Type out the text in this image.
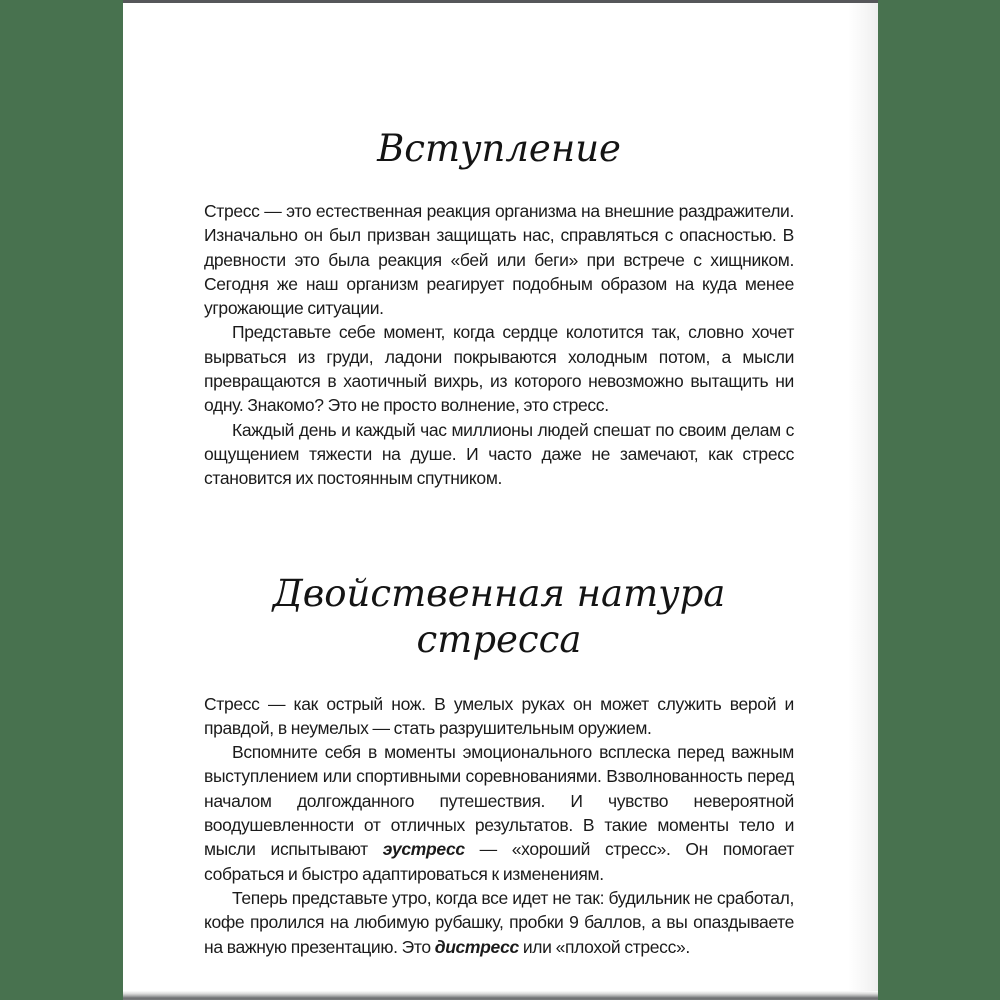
Вступление

Стресс — это естественная реакция организма на внешние раздражители. Изначально он был призван защищать нас, справляться с опасностью. В древности это была реакция «бей или беги» при встрече с хищником. Сегодня же наш организм реагирует подобным образом на куда менее угрожающие ситуации.

Представьте себе момент, когда сердце колотится так, словно хочет вырваться из груди, ладони покрываются холодным потом, а мысли превращаются в хаотичный вихрь, из которого невозможно вытащить ни одну. Знакомо? Это не просто волнение, это стресс.

Каждый день и каждый час миллионы людей спешат по своим делам с ощущением тяжести на душе. И часто даже не замечают, как стресс становится их постоянным спутником.

Двойственная натура стресса

Стресс — как острый нож. В умелых руках он может служить верой и правдой, в неумелых — стать разрушительным оружием.

Вспомните себя в моменты эмоционального всплеска перед важным выступлением или спортивными соревнованиями. Взволнованность перед началом долгожданного путешествия. И чувство невероятной воодушевленности от отличных результатов. В такие моменты тело и мысли испытывают эустресс — «хороший стресс». Он помогает собраться и быстро адаптироваться к изменениям.

Теперь представьте утро, когда все идет не так: будильник не сработал, кофе пролился на любимую рубашку, пробки 9 баллов, а вы опаздываете на важную презентацию. Это дистресс или «плохой стресс».
